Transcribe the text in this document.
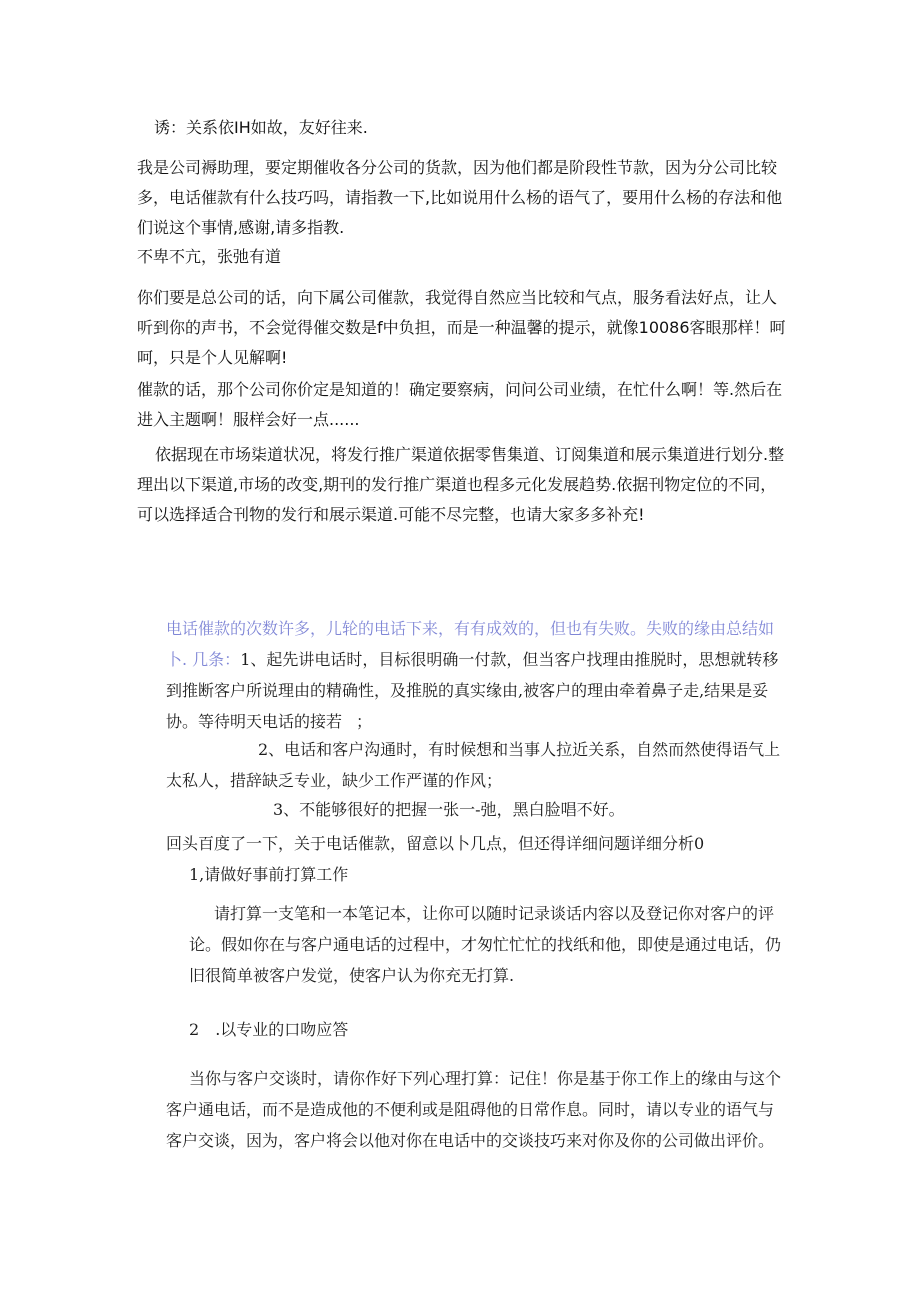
诱：关系依IH如故，友好往来.

我是公司褥助理，要定期催收各分公司的货款，因为他们都是阶段性节款，因为分公司比较多，电话催款有什么技巧吗，请指教一下,比如说用什么杨的语气了，要用什么杨的存法和他们说这个事情,感谢,请多指教.

不卑不亢，张弛有道

你们要是总公司的话，向下属公司催款，我觉得自然应当比较和气点，服务看法好点，让人听到你的声书，不会觉得催交数是f中负担，而是一种温馨的提示，就像10086客眼那样！呵呵，只是个人见解啊!

催款的话，那个公司你价定是知道的！确定要察病，问问公司业绩，在忙什么啊！等.然后在进入主题啊！服样会好一点......

依据现在市场柒道状况，将发行推广渠道依据零售集道、订阅集道和展示集道进行划分.整理出以下渠道,市场的改变,期刊的发行推广渠道也程多元化发展趋势.依据刊物定位的不同，可以选择适合刊物的发行和展示渠道.可能不尽完整，也请大家多多补充!

电话催款的次数许多，儿轮的电话下来，有有成效的，但也有失败。失败的缘由总结如卜. 几条：1、起先讲电话时，目标很明确一付款，但当客户找理由推脱时，思想就转移到推断客户所说理由的精确性，及推脱的真实缘由,被客户的理由牵着鼻子走,结果是妥协。等待明天电话的接若 ；

2、电话和客户沟通时，有时候想和当事人拉近关系，自然而然使得语气上太私人，措辞缺乏专业，缺少工作严谨的作风；

3、不能够很好的把握一张一-弛，黑白脸唱不好。

回头百度了一下，关于电话催款，留意以卜几点，但还得详细问题详细分析0

1,请做好事前打算工作

请打算一支笔和一本笔记本，让你可以随时记录谈话内容以及登记你对客户的评论。假如你在与客户通电话的过程中，才匆忙忙忙的找纸和他，即使是通过电话，仍旧很简单被客户发觉，使客户认为你充无打算.

2 .以专业的口吻应答

当你与客户交谈时，请你作好下列心理打算：记住！你是基于你工作上的缘由与这个客户通电话，而不是造成他的不便利或是阻碍他的日常作息。同时，请以专业的语气与客户交谈，因为，客户将会以他对你在电话中的交谈技巧来对你及你的公司做出评价。
